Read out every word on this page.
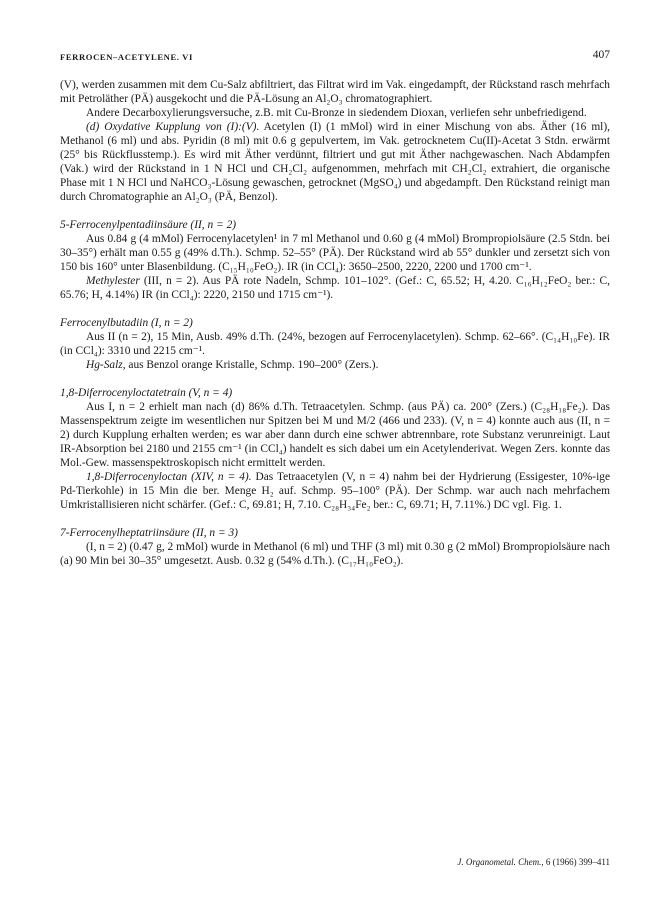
FERROCEN–ACETYLENE. VI	407

(V), werden zusammen mit dem Cu-Salz abfiltriert, das Filtrat wird im Vak. eingedampft, der Rückstand rasch mehrfach mit Petroläther (PÄ) ausgekocht und die PÄ-Lösung an Al₂O₃ chromatographiert.

Andere Decarboxylierungsversuche, z.B. mit Cu-Bronze in siedendem Dioxan, verliefen sehr unbefriedigend.

(d) Oxydative Kupplung von (I):(V). Acetylen (I) (1 mMol) wird in einer Mischung von abs. Äther (16 ml), Methanol (6 ml) und abs. Pyridin (8 ml) mit 0.6 g gepulvertem, im Vak. getrocknetem Cu(II)-Acetat 3 Stdn. erwärmt (25° bis Rückflusstemp.). Es wird mit Äther verdünnt, filtriert und gut mit Äther nachgewaschen. Nach Abdampfen (Vak.) wird der Rückstand in 1 N HCl und CH₂Cl₂ aufgenommen, mehrfach mit CH₂Cl₂ extrahiert, die organische Phase mit 1 N HCl und NaHCO₃-Lösung gewaschen, getrocknet (MgSO₄) und abgedampft. Den Rückstand reinigt man durch Chromatographie an Al₂O₃ (PÄ, Benzol).

5-Ferrocenylpentadiinsäure (II, n = 2)

Aus 0.84 g (4 mMol) Ferrocenylacetylen¹ in 7 ml Methanol und 0.60 g (4 mMol) Brompropiolsäure (2.5 Stdn. bei 30–35°) erhält man 0.55 g (49% d.Th.). Schmp. 52–55° (PÄ). Der Rückstand wird ab 55° dunkler und zersetzt sich von 150 bis 160° unter Blasenbildung. (C₁₅H₁₀FeO₂). IR (in CCl₄): 3650–2500, 2220, 2200 und 1700 cm⁻¹.

Methylester (III, n = 2). Aus PÄ rote Nadeln, Schmp. 101–102°. (Gef.: C, 65.52; H, 4.20. C₁₆H₁₂FeO₂ ber.: C, 65.76; H, 4.14%) IR (in CCl₄): 2220, 2150 und 1715 cm⁻¹).

Ferrocenylbutadiin (I, n = 2)

Aus II (n = 2), 15 Min, Ausb. 49% d.Th. (24%, bezogen auf Ferrocenylacetylen). Schmp. 62–66°. (C₁₄H₁₀Fe). IR (in CCl₄): 3310 und 2215 cm⁻¹.

Hg-Salz, aus Benzol orange Kristalle, Schmp. 190–200° (Zers.).

1,8-Diferrocenyloctatetrain (V, n = 4)

Aus I, n = 2 erhielt man nach (d) 86% d.Th. Tetraacetylen. Schmp. (aus PÄ) ca. 200° (Zers.) (C₂₈H₁₈Fe₂). Das Massenspektrum zeigte im wesentlichen nur Spitzen bei M und M/2 (466 und 233). (V, n = 4) konnte auch aus (II, n = 2) durch Kupplung erhalten werden; es war aber dann durch eine schwer abtrennbare, rote Substanz verunreinigt. Laut IR-Absorption bei 2180 und 2155 cm⁻¹ (in CCl₄) handelt es sich dabei um ein Acetylenderivat. Wegen Zers. konnte das Mol.-Gew. massenspektroskopisch nicht ermittelt werden.

1,8-Diferrocenyloctan (XIV, n = 4). Das Tetraacetylen (V, n = 4) nahm bei der Hydrierung (Essigester, 10%-ige Pd-Tierkohle) in 15 Min die ber. Menge H₂ auf. Schmp. 95–100° (PÄ). Der Schmp. war auch nach mehrfachem Umkristallisieren nicht schärfer. (Gef.: C, 69.81; H, 7.10. C₂₈H₃₄Fe₂ ber.: C, 69.71; H, 7.11%.) DC vgl. Fig. 1.

7-Ferrocenylheptatriinsäure (II, n = 3)

(I, n = 2) (0.47 g, 2 mMol) wurde in Methanol (6 ml) und THF (3 ml) mit 0.30 g (2 mMol) Brompropiolsäure nach (a) 90 Min bei 30–35° umgesetzt. Ausb. 0.32 g (54% d.Th.). (C₁₇H₁₀FeO₂).

J. Organometal. Chem., 6 (1966) 399–411
